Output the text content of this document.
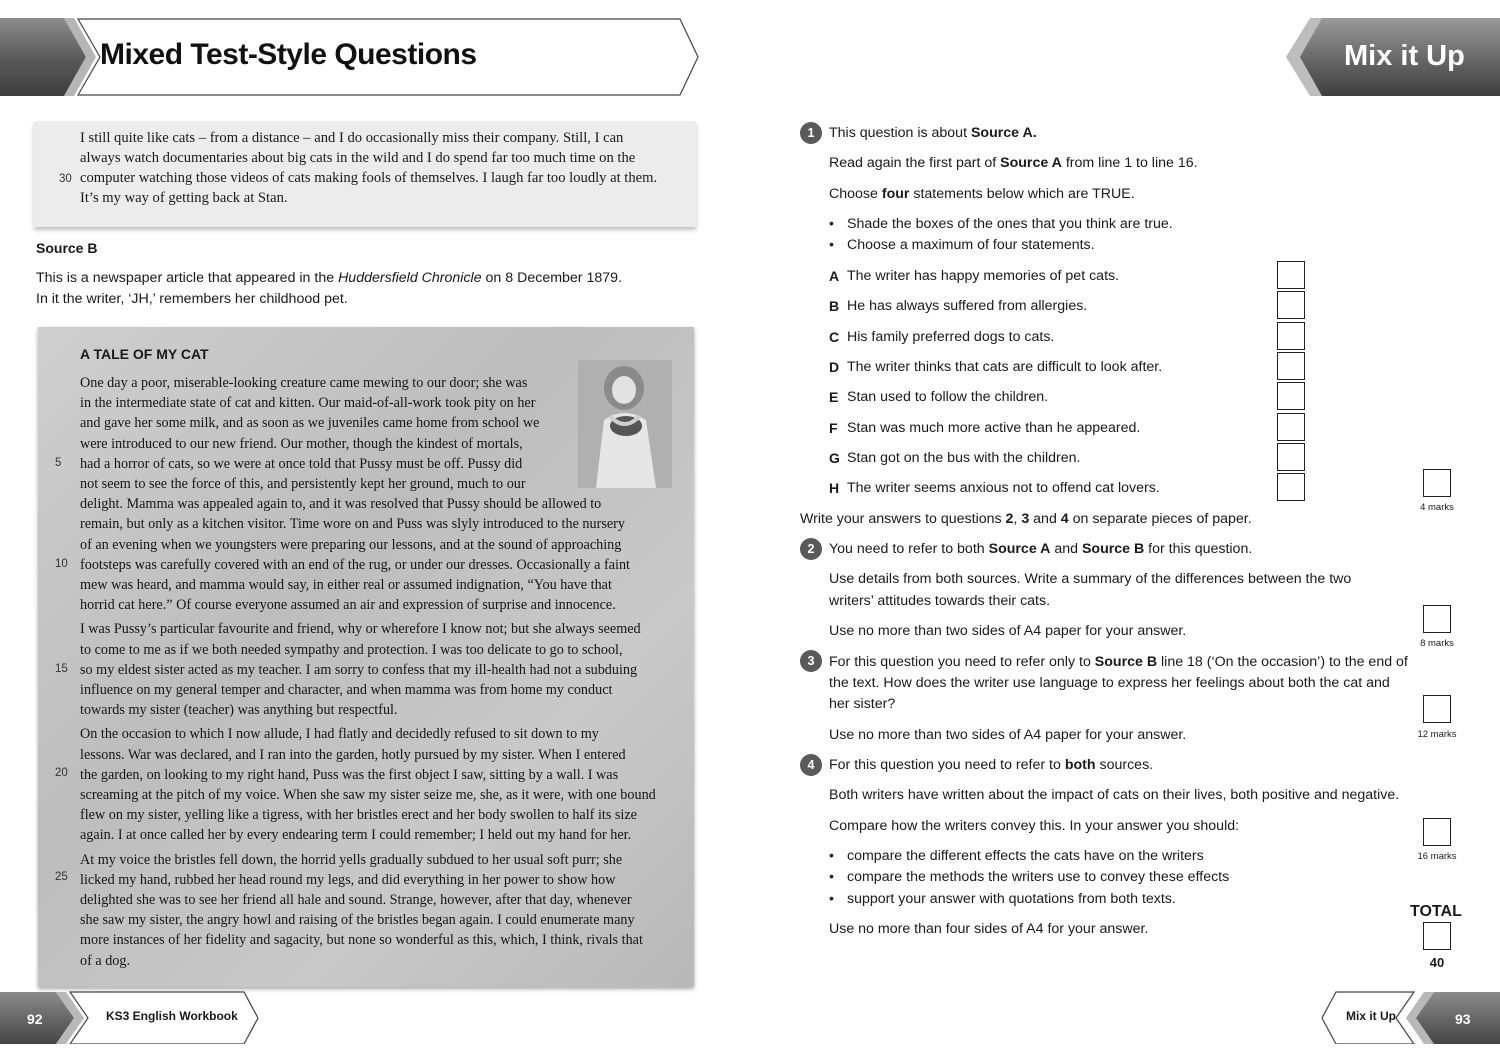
Mixed Test-Style Questions	Mix it Up
I still quite like cats – from a distance – and I do occasionally miss their company. Still, I can
always watch documentaries about big cats in the wild and I do spend far too much time on the
computer watching those videos of cats making fools of themselves. I laugh far too loudly at them.
It’s my way of getting back at Stan.
30
Source B
This is a newspaper article that appeared in the Huddersfield Chronicle on 8 December 1879.
In it the writer, ‘JH,’ remembers her childhood pet.
A TALE OF MY CAT
One day a poor, miserable-looking creature came mewing to our door; she was
in the intermediate state of cat and kitten. Our maid-of-all-work took pity on her
and gave her some milk, and as soon as we juveniles came home from school we
were introduced to our new friend. Our mother, though the kindest of mortals,
had a horror of cats, so we were at once told that Pussy must be off. Pussy did
not seem to see the force of this, and persistently kept her ground, much to our
delight. Mamma was appealed again to, and it was resolved that Pussy should be allowed to
remain, but only as a kitchen visitor. Time wore on and Puss was slyly introduced to the nursery
of an evening when we youngsters were preparing our lessons, and at the sound of approaching
footsteps was carefully covered with an end of the rug, or under our dresses. Occasionally a faint
mew was heard, and mamma would say, in either real or assumed indignation, “You have that
horrid cat here.” Of course everyone assumed an air and expression of surprise and innocence.
I was Pussy’s particular favourite and friend, why or wherefore I know not; but she always seemed
to come to me as if we both needed sympathy and protection. I was too delicate to go to school,
so my eldest sister acted as my teacher. I am sorry to confess that my ill-health had not a subduing
influence on my general temper and character, and when mamma was from home my conduct
towards my sister (teacher) was anything but respectful.
On the occasion to which I now allude, I had flatly and decidedly refused to sit down to my
lessons. War was declared, and I ran into the garden, hotly pursued by my sister. When I entered
the garden, on looking to my right hand, Puss was the first object I saw, sitting by a wall. I was
screaming at the pitch of my voice. When she saw my sister seize me, she, as it were, with one bound
flew on my sister, yelling like a tigress, with her bristles erect and her body swollen to half its size
again. I at once called her by every endearing term I could remember; I held out my hand for her.
At my voice the bristles fell down, the horrid yells gradually subdued to her usual soft purr; she
licked my hand, rubbed her head round my legs, and did everything in her power to show how
delighted she was to see her friend all hale and sound. Strange, however, after that day, whenever
she saw my sister, the angry howl and raising of the bristles began again. I could enumerate many
more instances of her fidelity and sagacity, but none so wonderful as this, which, I think, rivals that
of a dog.
5
10
15
20
25
1	This question is about Source A.
Read again the first part of Source A from line 1 to line 16.
Choose four statements below which are TRUE.
• Shade the boxes of the ones that you think are true.
• Choose a maximum of four statements.
A The writer has happy memories of pet cats.
B He has always suffered from allergies.
C His family preferred dogs to cats.
D The writer thinks that cats are difficult to look after.
E Stan used to follow the children.
F Stan was much more active than he appeared.
G Stan got on the bus with the children.
H The writer seems anxious not to offend cat lovers.
4 marks
Write your answers to questions 2, 3 and 4 on separate pieces of paper.
2	You need to refer to both Source A and Source B for this question.
Use details from both sources. Write a summary of the differences between the two
writers’ attitudes towards their cats.
Use no more than two sides of A4 paper for your answer.
8 marks
3	For this question you need to refer only to Source B line 18 (‘On the occasion’) to the end of
the text. How does the writer use language to express her feelings about both the cat and
her sister?
Use no more than two sides of A4 paper for your answer.	12 marks
4	For this question you need to refer to both sources.
Both writers have written about the impact of cats on their lives, both positive and negative.
Compare how the writers convey this. In your answer you should:
• compare the different effects the cats have on the writers
• compare the methods the writers use to convey these effects
• support your answer with quotations from both texts.
Use no more than four sides of A4 for your answer.
16 marks
TOTAL
40
92	KS3 English Workbook	Mix it Up	93
